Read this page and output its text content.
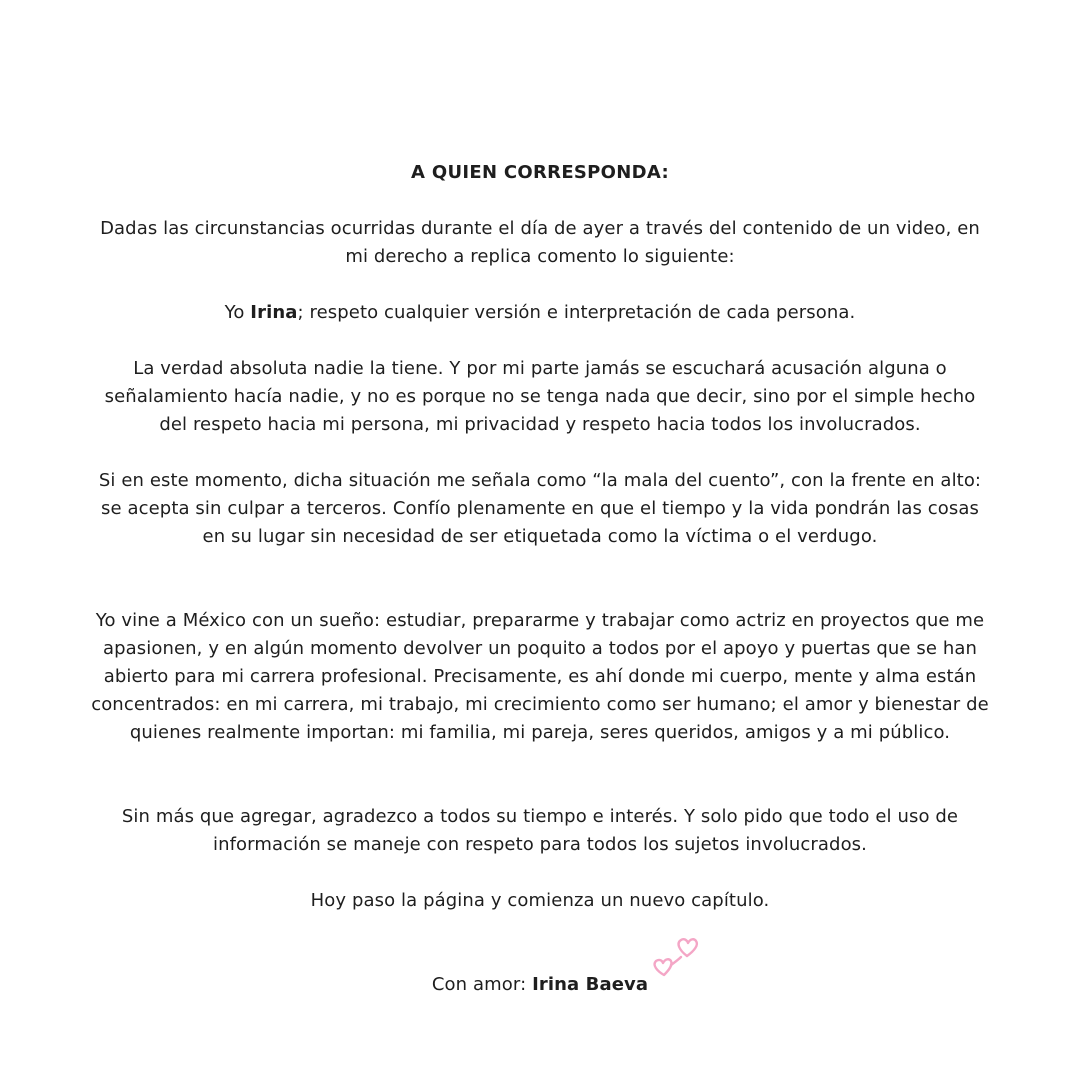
A QUIEN CORRESPONDA:
Dadas las circunstancias ocurridas durante el día de ayer a través del contenido de un video, en mi derecho a replica comento lo siguiente:
Yo Irina; respeto cualquier versión e interpretación de cada persona.
La verdad absoluta nadie la tiene. Y por mi parte jamás se escuchará acusación alguna o señalamiento hacía nadie, y no es porque no se tenga nada que decir, sino por el simple hecho del respeto hacia mi persona, mi privacidad y respeto hacia todos los involucrados.
Si en este momento, dicha situación me señala como “la mala del cuento”, con la frente en alto: se acepta sin culpar a terceros. Confío plenamente en que el tiempo y la vida pondrán las cosas en su lugar sin necesidad de ser etiquetada como la víctima o el verdugo.
Yo vine a México con un sueño: estudiar, prepararme y trabajar como actriz en proyectos que me apasionen, y en algún momento devolver un poquito a todos por el apoyo y puertas que se han abierto para mi carrera profesional. Precisamente, es ahí donde mi cuerpo, mente y alma están concentrados: en mi carrera, mi trabajo, mi crecimiento como ser humano; el amor y bienestar de quienes realmente importan: mi familia, mi pareja, seres queridos, amigos y a mi público.
Sin más que agregar, agradezco a todos su tiempo e interés. Y solo pido que todo el uso de información se maneje con respeto para todos los sujetos involucrados.
Hoy paso la página y comienza un nuevo capítulo.
Con amor: Irina Baeva
